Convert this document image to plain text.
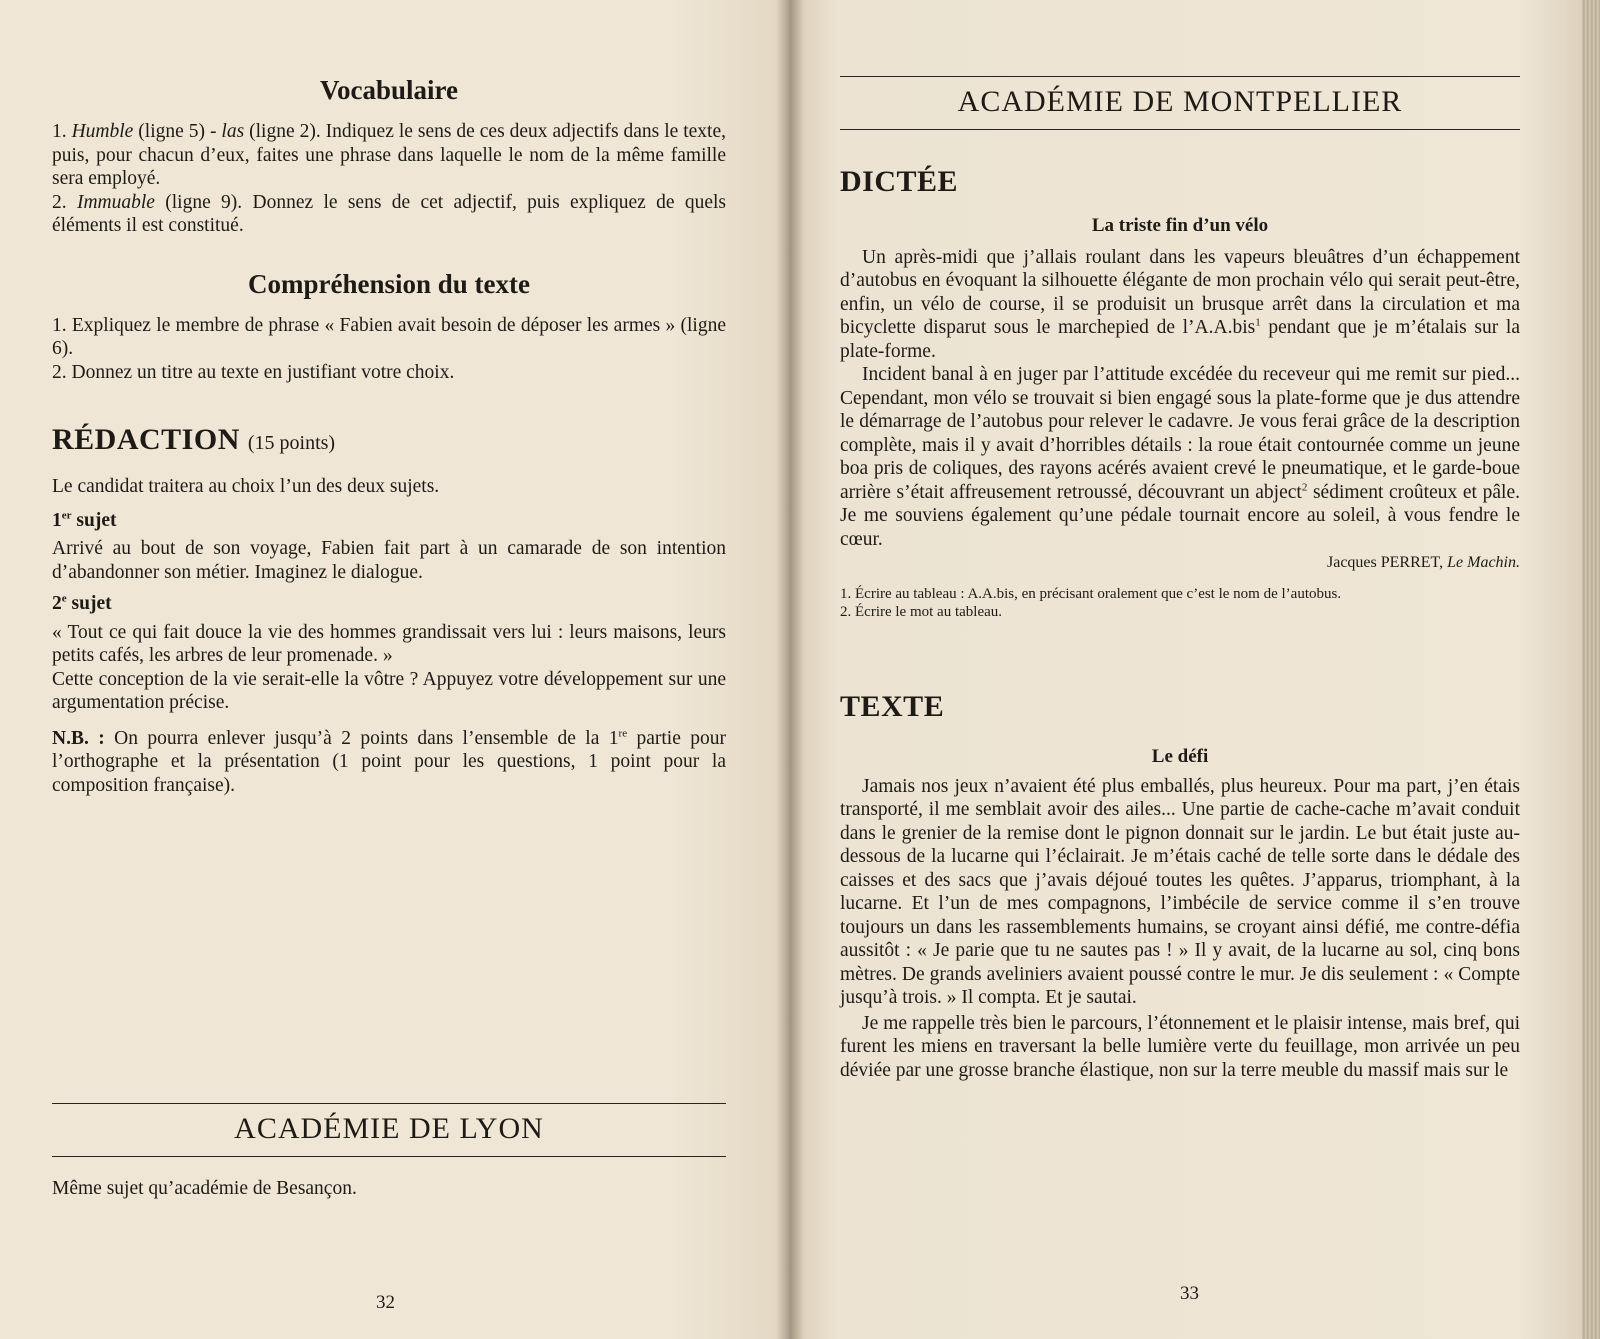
Vocabulaire

1. Humble (ligne 5) - las (ligne 2). Indiquez le sens de ces deux adjectifs dans le texte, puis, pour chacun d’eux, faites une phrase dans laquelle le nom de la même famille sera employé.

2. Immuable (ligne 9). Donnez le sens de cet adjectif, puis expliquez de quels éléments il est constitué.

Compréhension du texte

1. Expliquez le membre de phrase « Fabien avait besoin de déposer les armes » (ligne 6).

2. Donnez un titre au texte en justifiant votre choix.

RÉDACTION (15 points)

Le candidat traitera au choix l’un des deux sujets.

1er sujet

Arrivé au bout de son voyage, Fabien fait part à un camarade de son intention d’abandonner son métier. Imaginez le dialogue.

2e sujet

« Tout ce qui fait douce la vie des hommes grandissait vers lui : leurs maisons, leurs petits cafés, les arbres de leur promenade. »

Cette conception de la vie serait-elle la vôtre ? Appuyez votre développement sur une argumentation précise.

N.B. : On pourra enlever jusqu’à 2 points dans l’ensemble de la 1re partie pour l’orthographe et la présentation (1 point pour les questions, 1 point pour la composition française).

ACADÉMIE DE LYON

Même sujet qu’académie de Besançon.

32
ACADÉMIE DE MONTPELLIER
DICTÉE
La triste fin d’un vélo

Un après-midi que j’allais roulant dans les vapeurs bleuâtres d’un échappement d’autobus en évoquant la silhouette élégante de mon prochain vélo qui serait peut-être, enfin, un vélo de course, il se produisit un brusque arrêt dans la circulation et ma bicyclette disparut sous le marchepied de l’A.A.bis$^1$ pendant que je m’étalais sur la plate-forme.

Incident banal à en juger par l’attitude excédée du receveur qui me remit sur pied... Cependant, mon vélo se trouvait si bien engagé sous la plate-forme que je dus attendre le démarrage de l’autobus pour relever le cadavre. Je vous ferai grâce de la description complète, mais il y avait d’horribles détails : la roue était contournée comme un jeune boa pris de coliques, des rayons acérés avaient crevé le pneumatique, et le garde-boue arrière s’était affreusement retroussé, découvrant un abject$^2$ sédiment croûteux et pâle. Je me souviens également qu’une pédale tournait encore au soleil, à vous fendre le cœur.

Jacques PERRET, Le Machin.

1. Écrire au tableau : A.A.bis, en précisant oralement que c’est le nom de l’autobus.

2. Écrire le mot au tableau.

TEXTE
Le défi

Jamais nos jeux n’avaient été plus emballés, plus heureux. Pour ma part, j’en étais transporté, il me semblait avoir des ailes... Une partie de cache-cache m’avait conduit dans le grenier de la remise dont le pignon donnait sur le jardin. Le but était juste au-dessous de la lucarne qui l’éclairait. Je m’étais caché de telle sorte dans le dédale des caisses et des sacs que j’avais déjoué toutes les quêtes. J’apparus, triomphant, à la lucarne. Et l’un de mes compagnons, l’imbécile de service comme il s’en trouve toujours un dans les rassemblements humains, se croyant ainsi défié, me contre-défia aussitôt : « Je parie que tu ne sautes pas ! » Il y avait, de la lucarne au sol, cinq bons mètres. De grands aveliniers avaient poussé contre le mur. Je dis seulement : « Compte jusqu’à trois. » Il compta. Et je sautai.

Je me rappelle très bien le parcours, l’étonnement et le plaisir intense, mais bref, qui furent les miens en traversant la belle lumière verte du feuillage, mon arrivée un peu déviée par une grosse branche élastique, non sur la terre meuble du massif mais sur le

33
